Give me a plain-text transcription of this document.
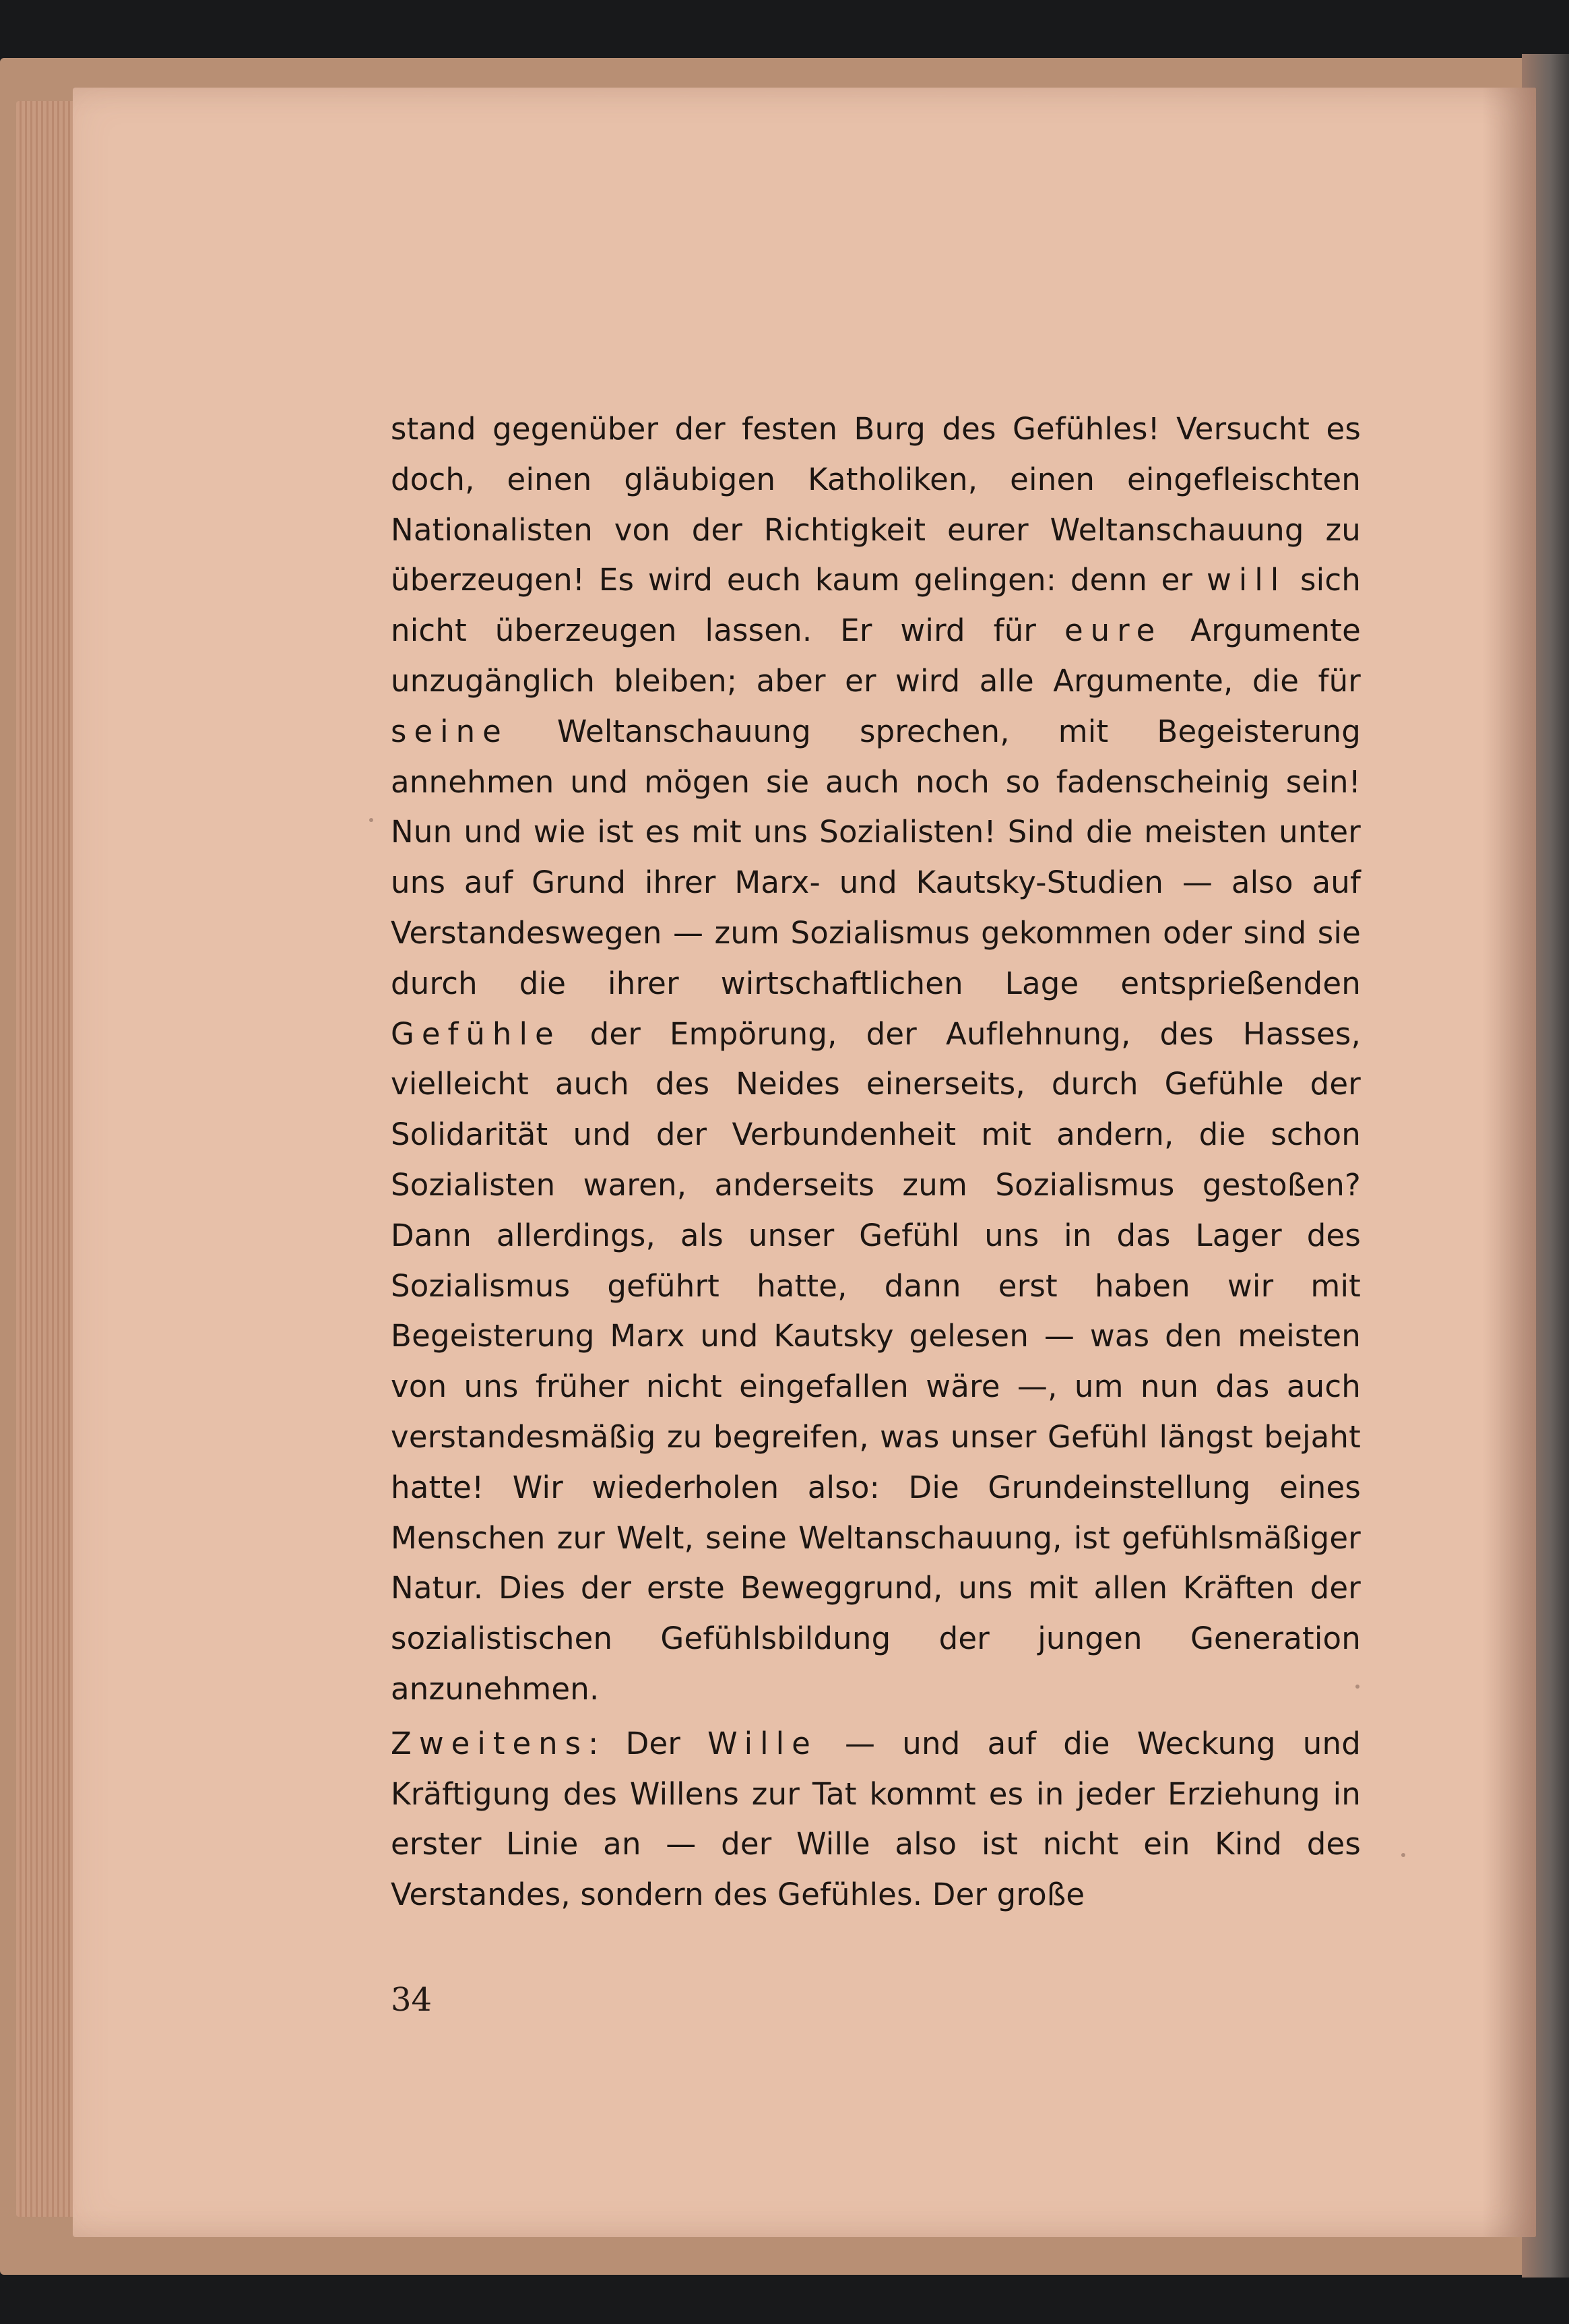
stand gegenüber der festen Burg des Gefühles! Versucht es doch, einen gläubigen Katholiken, einen eingefleischten Nationalisten von der Richtigkeit eurer Weltanschauung zu überzeugen! Es wird euch kaum gelingen: denn er will sich nicht überzeugen lassen. Er wird für eure Argumente unzugänglich bleiben; aber er wird alle Argumente, die für seine Weltanschauung sprechen, mit Begeisterung annehmen und mögen sie auch noch so fadenscheinig sein! Nun und wie ist es mit uns Sozialisten! Sind die meisten unter uns auf Grund ihrer Marx- und Kautsky-Studien — also auf Verstandeswegen — zum Sozialismus gekommen oder sind sie durch die ihrer wirtschaftlichen Lage entsprießenden Gefühle der Empörung, der Auflehnung, des Hasses, vielleicht auch des Neides einerseits, durch Gefühle der Solidarität und der Verbundenheit mit andern, die schon Sozialisten waren, anderseits zum Sozialismus gestoßen? Dann allerdings, als unser Gefühl uns in das Lager des Sozialismus geführt hatte, dann erst haben wir mit Begeisterung Marx und Kautsky gelesen — was den meisten von uns früher nicht eingefallen wäre —, um nun das auch verstandesmäßig zu begreifen, was unser Gefühl längst bejaht hatte! Wir wiederholen also: Die Grundeinstellung eines Menschen zur Welt, seine Weltanschauung, ist gefühlsmäßiger Natur. Dies der erste Beweggrund, uns mit allen Kräften der sozialistischen Gefühlsbildung der jungen Generation anzunehmen.

Zweitens: Der Wille — und auf die Weckung und Kräftigung des Willens zur Tat kommt es in jeder Erziehung in erster Linie an — der Wille also ist nicht ein Kind des Verstandes, sondern des Gefühles. Der große

34
